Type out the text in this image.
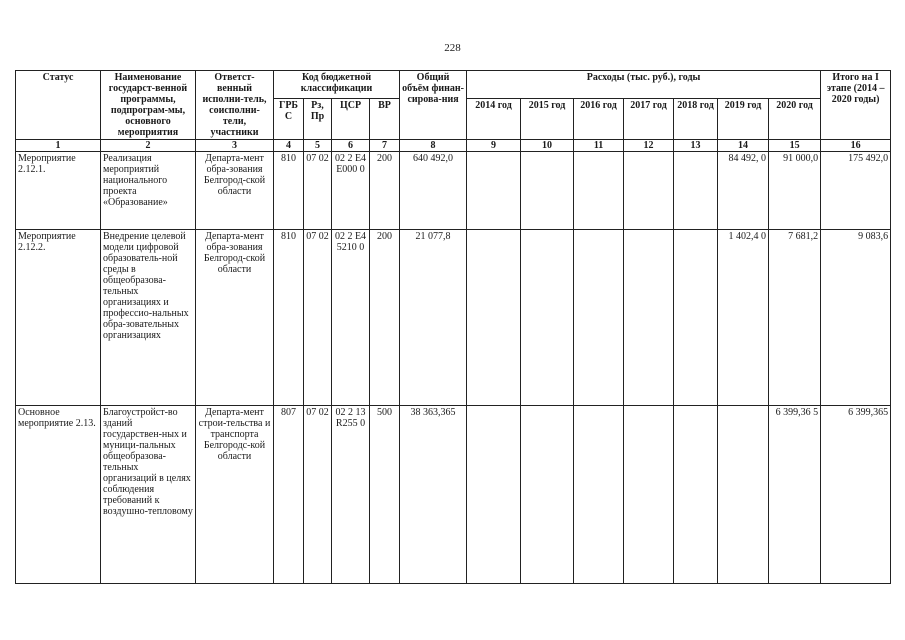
228
Статус	Наименование государст-венной программы, подпрограм-мы, основного мероприятия	Ответст-венный исполни-тель, соисполни-тели, участники	Код бюджетной классификации				Общий объём финан-сирова-ния	Расходы (тыс. руб.), годы							Итого на I этапе (2014 – 2020 годы)
			ГРБ С	Рз, Пр	ЦСР	ВР		2014 год	2015 год	2016 год	2017 год	2018 год	2019 год	2020 год	

1	2	3	4	5	6	7	8	9	10	11	12	13	14	15	16
Мероприятие 2.12.1.	Реализация мероприятий национального проекта «Образование»	Департа-мент обра-зования Белгород-ской области	810	07 02	02 2 E4 E000 0	200	640 492,0						84 492, 0	91 000,0	175 492,0
Мероприятие 2.12.2.	Внедрение целевой модели цифровой образователь-ной среды в общеобразова-тельных организациях и профессио-нальных обра-зовательных организациях	Департа-мент обра-зования Белгород-ской области	810	07 02	02 2 E4 5210 0	200	21 077,8						1 402,4 0	7 681,2	9 083,6
Основное мероприятие 2.13.	Благоустройст-во зданий государствен-ных и муници-пальных общеобразова-тельных организаций в целях соблюдения требований к воздушно-тепловому	Департа-мент строи-тельства и транспорта Белгородс-кой области	807	07 02	02 2 13 R255 0	500	38 363,365							6 399,36 5	6 399,365
